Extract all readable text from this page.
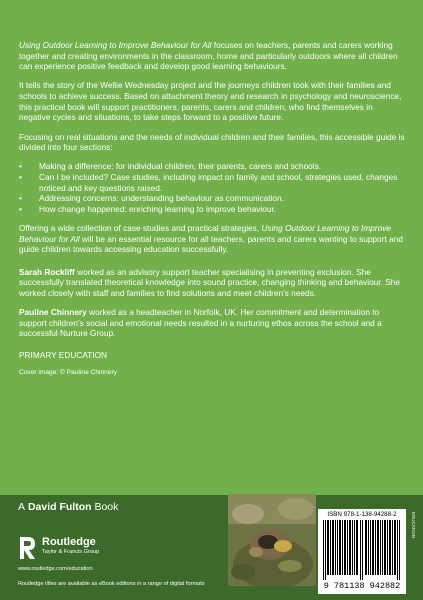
Using Outdoor Learning to Improve Behaviour for All focuses on teachers, parents and carers working together and creating environments in the classroom, home and particularly outdoors where all children can experience positive feedback and develop good learning behaviours.

It tells the story of the Wellie Wednesday project and the journeys children took with their families and schools to achieve success. Based on attachment theory and research in psychology and neuroscience, this practical book will support practitioners, parents, carers and children, who find themselves in negative cycles and situations, to take steps forward to a positive future.

Focusing on real situations and the needs of individual children and their families, this accessible guide is divided into four sections:

• Making a difference: for individual children, their parents, carers and schools.
• Can I be included? Case studies, including impact on family and school, strategies used, changes noticed and key questions raised.
• Addressing concerns: understanding behaviour as communication.
• How change happened: enriching learning to improve behaviour.

Offering a wide collection of case studies and practical strategies, Using Outdoor Learning to Improve Behaviour for All will be an essential resource for all teachers, parents and carers wanting to support and guide children towards accessing education successfully.

Sarah Rockliff worked as an advisory support teacher specialising in preventing exclusion. She successfully translated theoretical knowledge into sound practice, changing thinking and behaviour. She worked closely with staff and families to find solutions and meet children's needs.

Pauline Chinnery worked as a headteacher in Norfolk, UK. Her commitment and determination to support children's social and emotional needs resulted in a nurturing ethos across the school and a successful Nurture Group.

PRIMARY EDUCATION
Cover image: © Pauline Chinnery
A
David Fulton
Book
Routledge
Taylor & Francis Group
www.routledge.com/education
Routledge titles are available as eBook editions in a range of digital formats
ISBN 978-1-138-94288-2
9 781138 942882
EDUCATION
